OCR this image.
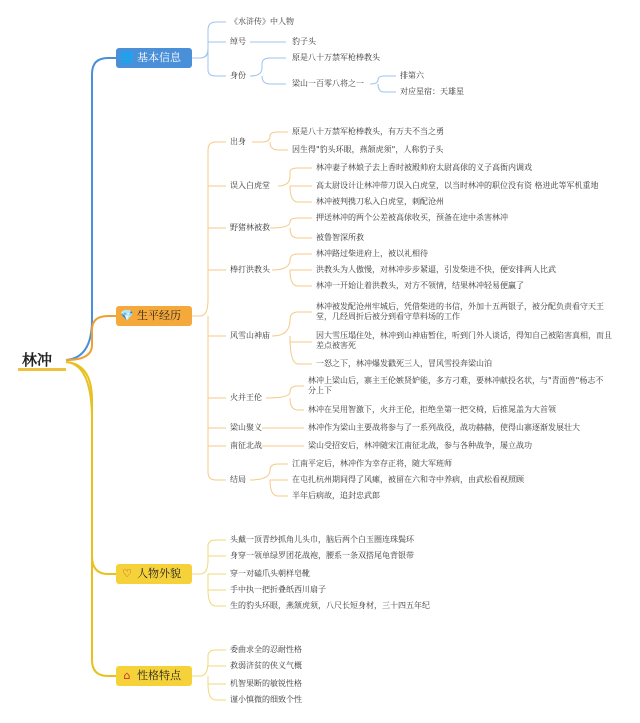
林冲
🌐 基本信息
《水浒传》中人物
绰号	豹子头
身份
原是八十万禁军枪棒教头
梁山一百零八将之一
排第六
对应星宿：天雄星
💎 生平经历
出身
原是八十万禁军枪棒教头，有万夫不当之勇
因生得"豹头环眼，燕颔虎须"，人称豹子头
误入白虎堂
林冲妻子林娘子去上香时被殿帅府太尉高俅的义子高衙内调戏
高太尉设计让林冲带刀误入白虎堂，以当时林冲的职位没有资 格进此等军机重地
林冲被判携刀私入白虎堂，刺配沧州
野猪林被救
押送林冲的两个公差被高俅收买，预备在途中杀害林冲
被鲁智深所救
棒打洪教头
林冲路过柴进府上，被以礼相待
洪教头为人傲慢，对林冲步步紧逼，引发柴进不快，便安排两人比武
林冲一开始让着洪教头，对方不领情，结果林冲轻易便赢了
风雪山神庙
林冲被发配沧州牢城后，凭借柴进的书信，外加十五两银子，被分配负责看守天王堂，几经周折后被分到看守草料场的工作
因大雪压塌住处，林冲到山神庙暂住，听到门外人谈话，得知自己被陷害真相，而且 差点被害死
一怒之下，林冲爆发戳死三人，冒风雪投奔梁山泊
火并王伦
林冲上梁山后，寨主王伦嫉贤妒能，多方刁难，要林冲献投名状，与"青面兽"杨志不分上下
林冲在吴用智激下，火并王伦，拒绝坐第一把交椅，后推晁盖为大首领
梁山聚义	林冲作为梁山主要战将参与了一系列战役，战功赫赫，使得山寨逐渐发展壮大
南征北战	梁山受招安后，林冲随宋江南征北战，参与各种战争，屡立战功
结局
江南平定后，林冲作为幸存正将，随大军班师
在屯扎杭州期间得了风瘫，被留在六和寺中养病，由武松看视照顾
半年后病故，追封忠武郎
♡ 人物外貌
头戴一顶青纱抓角儿头巾，脑后两个白玉圈连珠鬓环
身穿一领单绿罗团花战袍，腰系一条双搭尾龟背银带
穿一对磕爪头朝样皂靴
手中执一把折叠纸西川扇子
生的豹头环眼，燕颔虎须，八尺长短身材，三十四五年纪
⌂ 性格特点
委曲求全的忍耐性格
救弱济贫的侠义气概
机智果断的敏锐性格
谨小慎微的细致个性
